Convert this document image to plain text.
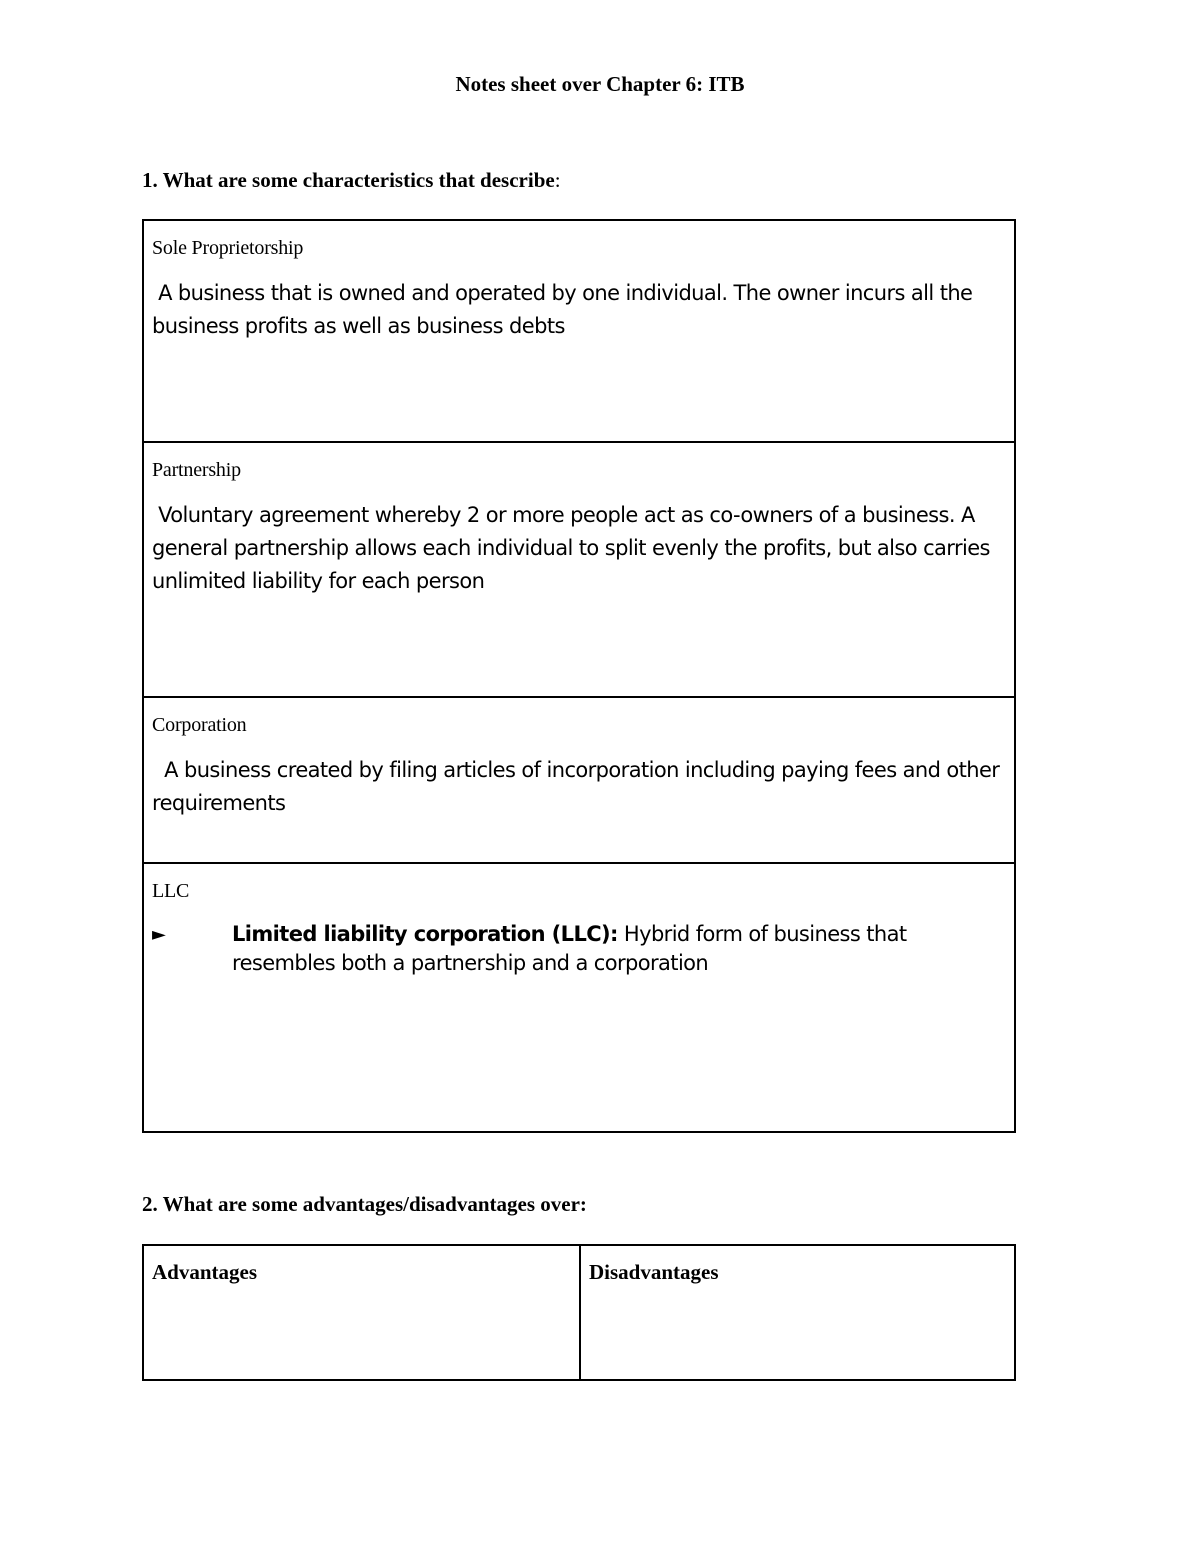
Notes sheet over Chapter 6: ITB
1. What are some characteristics that describe:
Sole Proprietorship
A business that is owned and operated by one individual. The owner incurs all the business profits as well as business debts
Partnership
Voluntary agreement whereby 2 or more people act as co-owners of a business. A general partnership allows each individual to split evenly the profits, but also carries unlimited liability for each person
Corporation
A business created by filing articles of incorporation including paying fees and other requirements
LLC
►	Limited liability corporation (LLC): Hybrid form of business that resembles both a partnership and a corporation
2. What are some advantages/disadvantages over:
Advantages	Disadvantages
